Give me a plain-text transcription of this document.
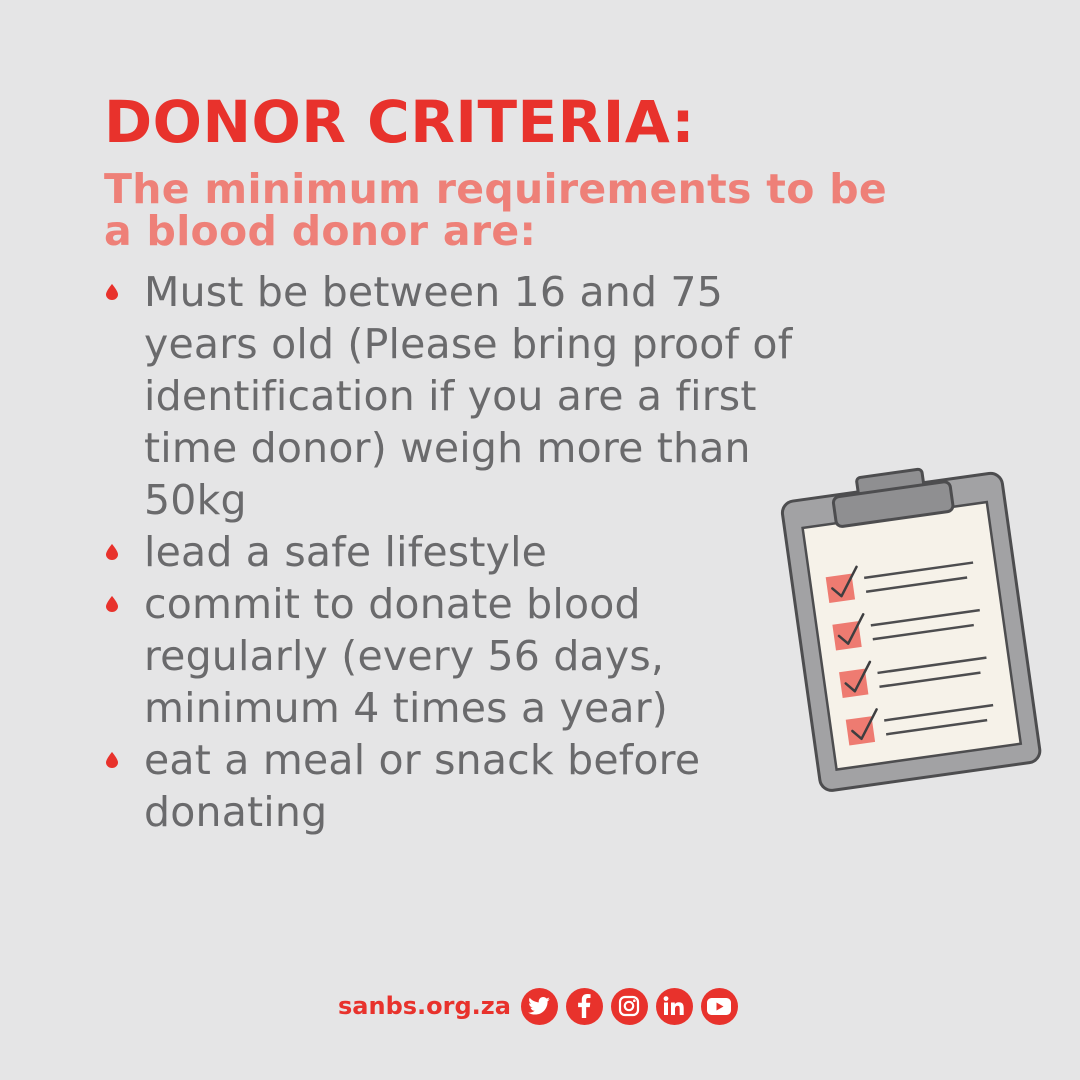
DONOR CRITERIA:
The minimum requirements to be a blood donor are:
Must be between 16 and 75 years old (Please bring proof of identification if you are a first time donor) weigh more than 50kg
lead a safe lifestyle
commit to donate blood regularly (every 56 days, minimum 4 times a year)
eat a meal or snack before donating
sanbs.org.za
